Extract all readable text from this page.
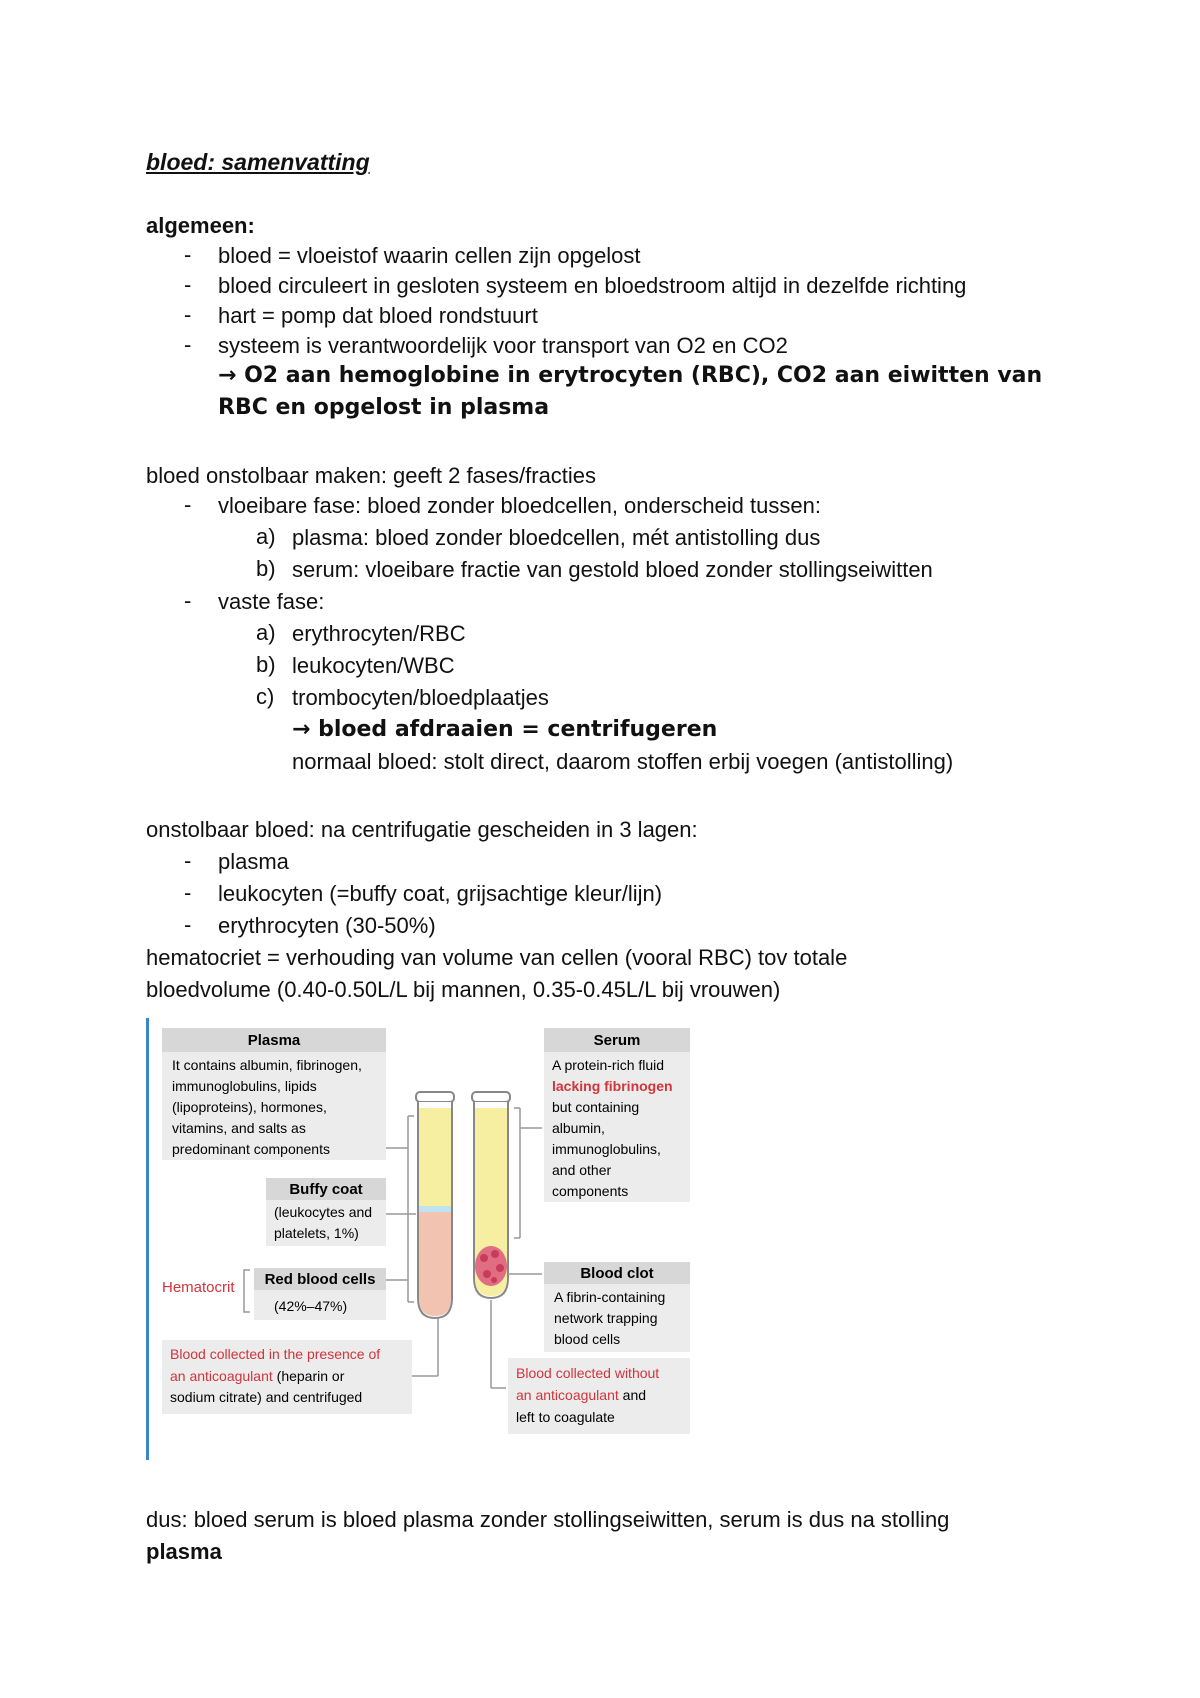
bloed: samenvatting
algemeen:
- bloed = vloeistof waarin cellen zijn opgelost
- bloed circuleert in gesloten systeem en bloedstroom altijd in dezelfde richting
- hart = pomp dat bloed rondstuurt
- systeem is verantwoordelijk voor transport van O2 en CO2
→ O2 aan hemoglobine in erytrocyten (RBC), CO2 aan eiwitten van
RBC en opgelost in plasma
bloed onstolbaar maken: geeft 2 fases/fracties
- vloeibare fase: bloed zonder bloedcellen, onderscheid tussen:
a) plasma: bloed zonder bloedcellen, mét antistolling dus
b) serum: vloeibare fractie van gestold bloed zonder stollingseiwitten
- vaste fase:
a) erythrocyten/RBC
b) leukocyten/WBC
c) trombocyten/bloedplaatjes
→ bloed afdraaien = centrifugeren
normaal bloed: stolt direct, daarom stoffen erbij voegen (antistolling)
onstolbaar bloed: na centrifugatie gescheiden in 3 lagen:
- plasma
- leukocyten (=buffy coat, grijsachtige kleur/lijn)
- erythrocyten (30-50%)
hematocriet = verhouding van volume van cellen (vooral RBC) tov totale
bloedvolume (0.40-0.50L/L bij mannen, 0.35-0.45L/L bij vrouwen)
dus: bloed serum is bloed plasma zonder stollingseiwitten, serum is dus na stolling
plasma
Plasma
It contains albumin, fibrinogen,
immunoglobulins, lipids
(lipoproteins), hormones,
vitamins, and salts as
predominant components
Buffy coat
(leukocytes and
platelets, 1%)
Hematocrit Red blood cells
(42%–47%)
Blood collected in the presence of
an anticoagulant (heparin or
sodium citrate) and centrifuged
Serum
A protein-rich fluid
lacking fibrinogen
but containing
albumin,
immunoglobulins,
and other
components
Blood clot
A fibrin-containing
network trapping
blood cells
Blood collected without
an anticoagulant and
left to coagulate
